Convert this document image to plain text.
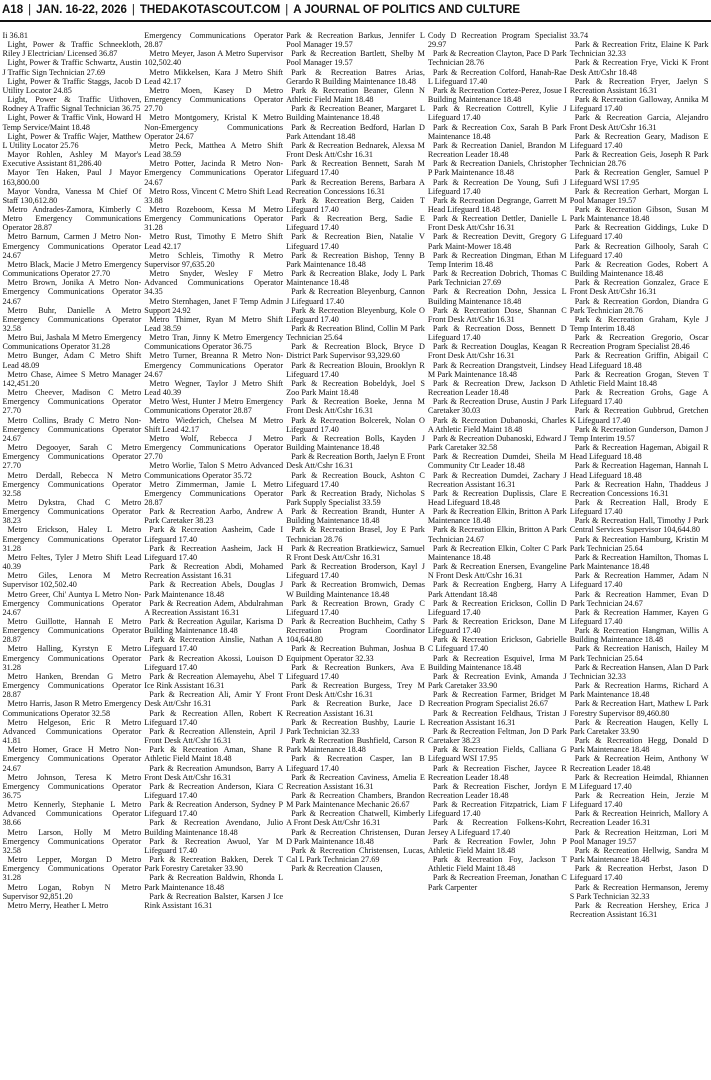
A18 | JAN. 16-22, 2026 | THEDAKOTASCOUT.COM | A JOURNAL OF POLITICS AND CULTURE

Ii 36.81

Light, Power & Traffic Schneekloth, Riley J Electrician/ Licensed 36.87

Light, Power & Traffic Schwartz, Austin J Traffic Sign Technician 27.69

Light, Power & Traffic Staggs, Jacob D Utility Locator 24.85

Light, Power & Traffic Uithoven, Rodney A Traffic Signal Technician 36.75

Light, Power & Traffic Vink, Howard H Temp Service/Maint 18.48

Light, Power & Traffic Wajer, Matthew L Utility Locator 25.76

Mayor Rohlen, Ashley M Mayor's Executive Assistant 81,286.40

Mayor Ten Haken, Paul J Mayor 163,800.00

Mayor Vondra, Vanessa M Chief Of Staff 130,612.80

Metro Andrades-Zamora, Kimberly C Metro Emergency Communications Operator 28.87

Metro Barnum, Carmen J Metro Non-Emergency Communications Operator 24.67

Metro Black, Macie J Metro Emergency Communications Operator 27.70

Metro Brown, Jonika A Metro Non-Emergency Communications Operator 24.67

Metro Buhr, Danielle A Metro Emergency Communications Operator 32.58

Metro Bui, Jashala M Metro Emergency Communications Operator 31.28

Metro Bunger, Adam C Metro Shift Lead 48.09

Metro Chase, Aimee S Metro Manager 142,451.20

Metro Cheever, Madison C Metro Emergency Communications Operator 27.70

Metro Collins, Brady C Metro Non-Emergency Communications Operator 24.67

Metro Degooyer, Sarah C Metro Emergency Communications Operator 27.70

Metro Derdall, Rebecca N Metro Emergency Communications Operator 32.58

Metro Dykstra, Chad C Metro Emergency Communications Operator 38.23

Metro Erickson, Haley L Metro Emergency Communications Operator 31.28

Metro Feltes, Tyler J Metro Shift Lead 40.39

Metro Giles, Lenora M Metro Supervisor 102,502.40

Metro Greer, Chi' Auntya L Metro Non-Emergency Communications Operator 24.67

Metro Guillotte, Hannah E Metro Emergency Communications Operator 28.87

Metro Halling, Kyrstyn E Metro Emergency Communications Operator 31.28

Metro Hanken, Brendan G Metro Emergency Communications Operator 28.87

Metro Harris, Jason R Metro Emergency Communications Operator 32.58

Metro Helgeson, Eric R Metro Advanced Communications Operator 41.81

Metro Homer, Grace H Metro Non-Emergency Communications Operator 24.67

Metro Johnson, Teresa K Metro Emergency Communications Operator 36.75

Metro Kennerly, Stephanie L Metro Advanced Communications Operator 38.66

Metro Larson, Holly M Metro Emergency Communications Operator 32.58

Metro Lepper, Morgan D Metro Emergency Communications Operator 31.28

Metro Logan, Robyn N Metro Supervisor 92,851.20

Metro Merry, Heather L Metro

Emergency Communications Operator 28.87

Metro Meyer, Jason A Metro Supervisor 102,502.40

Metro Mikkelsen, Kara J Metro Shift Lead 42.17

Metro Moen, Kasey D Metro Emergency Communications Operator 27.70

Metro Montgomery, Kristal K Metro Non-Emergency Communications Operator 24.67

Metro Peck, Matthea A Metro Shift Lead 38.59

Metro Potter, Jacinda R Metro Non-Emergency Communications Operator 24.67

Metro Ross, Vincent C Metro Shift Lead 33.88

Metro Rozeboom, Kessa M Metro Emergency Communications Operator 31.28

Metro Rust, Timothy E Metro Shift Lead 42.17

Metro Schleis, Timothy R Metro Supervisor 97,635.20

Metro Snyder, Wesley F Metro Advanced Communications Operator 34.35

Metro Sternhagen, Janet F Temp Admin Support 24.92

Metro Thimer, Ryan M Metro Shift Lead 38.59

Metro Tran, Jinny K Metro Emergency Communications Operator 36.75

Metro Turner, Breanna R Metro Non-Emergency Communications Operator 24.67

Metro Wegner, Taylor J Metro Shift Lead 40.39

Metro West, Hunter J Metro Emergency Communications Operator 28.87

Metro Wiederich, Chelsea M Metro Shift Lead 42.17

Metro Wolf, Rebecca J Metro Emergency Communications Operator 27.70

Metro Worlie, Talon S Metro Advanced Communications Operator 35.72

Metro Zimmerman, Jamie L Metro Emergency Communications Operator 28.87

Park & Recreation Aarbo, Andrew A Park Caretaker 38.23

Park & Recreation Aasheim, Cade I Lifeguard 17.40

Park & Recreation Aasheim, Jack H Lifeguard 17.40

Park & Recreation Abdi, Mohamed Recreation Assistant 16.31

Park & Recreation Abels, Douglas J Park Maintenance 18.48

Park & Recreation Adem, Abdulrahman A Recreation Assistant 16.31

Park & Recreation Aguilar, Karisma D Building Maintenance 18.48

Park & Recreation Ainslie, Nathan A Lifeguard 17.40

Park & Recreation Akossi, Louison D Lifeguard 17.40

Park & Recreation Alemayehu, Abel T Ice Rink Assistant 16.31

Park & Recreation Ali, Amir Y Front Desk Att/Cshr 16.31

Park & Recreation Allen, Robert K Lifeguard 17.40

Park & Recreation Allenstein, April J Front Desk Att/Cshr 16.31

Park & Recreation Aman, Shane R Athletic Field Maint 18.48

Park & Recreation Amundson, Barry A Front Desk Att/Cshr 16.31

Park & Recreation Anderson, Kiara C Lifeguard 17.40

Park & Recreation Anderson, Sydney P Lifeguard 17.40

Park & Recreation Avendano, Julio Building Maintenance 18.48

Park & Recreation Awuol, Yar M Lifeguard 17.40

Park & Recreation Bakken, Derek T Park Forestry Caretaker 33.90

Park & Recreation Baldwin, Rhonda L Park Maintenance 18.48

Park & Recreation Balster, Karsen J Ice Rink Assistant 16.31

Park & Recreation Barkus, Jennifer L Pool Manager 19.57

Park & Recreation Bartlett, Shelby M Pool Manager 19.57

Park & Recreation Batres Arias, Gerardo R Building Maintenance 18.48

Park & Recreation Beaner, Glenn N Athletic Field Maint 18.48

Park & Recreation Beaner, Margaret L Building Maintenance 18.48

Park & Recreation Bedford, Harlan D Park Attendant 18.48

Park & Recreation Bednarek, Alexsa M Front Desk Att/Cshr 16.31

Park & Recreation Bennett, Sarah M Lifeguard 17.40

Park & Recreation Berens, Barbara A Recreation Concessions 16.31

Park & Recreation Berg, Caiden T Lifeguard 17.40

Park & Recreation Berg, Sadie E Lifeguard 17.40

Park & Recreation Bien, Natalie V Lifeguard 17.40

Park & Recreation Bishop, Tenny B Park Maintenance 18.48

Park & Recreation Blake, Jody L Park Maintenance 18.48

Park & Recreation Bleyenburg, Cannon J Lifeguard 17.40

Park & Recreation Bleyenburg, Kole O Lifeguard 17.40

Park & Recreation Blind, Collin M Park Technician 25.64

Park & Recreation Block, Bryce D District Park Supervisor 93,329.60

Park & Recreation Blouin, Brooklyn R Lifeguard 17.40

Park & Recreation Bobeldyk, Joel S Zoo Park Maint 18.48

Park & Recreation Boeke, Jenna M Front Desk Att/Cshr 16.31

Park & Recreation Bolcerek, Nolan O Lifeguard 17.40

Park & Recreation Bolls, Kayden J Building Maintenance 18.48

Park & Recreation Borth, Jaelyn E Front Desk Att/Cshr 16.31

Park & Recreation Bouck, Ashton C Lifeguard 17.40

Park & Recreation Brady, Nicholas S Park Supply Specialist 33.59

Park & Recreation Brandt, Hunter A Building Maintenance 18.48

Park & Recreation Brasel, Joy E Park Technician 28.76

Park & Recreation Bratkiewicz, Samuel R Front Desk Att/Cshr 16.31

Park & Recreation Broderson, Kayl J Lifeguard 17.40

Park & Recreation Bromwich, Demas W Building Maintenance 18.48

Park & Recreation Brown, Grady C Lifeguard 17.40

Park & Recreation Buchheim, Cathy S Recreation Program Coordinator 104,644.80

Park & Recreation Buhman, Joshua B Equipment Operator 32.33

Park & Recreation Bunkers, Ava E Lifeguard 17.40

Park & Recreation Burgess, Trey M Front Desk Att/Cshr 16.31

Park & Recreation Burke, Jace D Recreation Assistant 16.31

Park & Recreation Bushby, Laurie L Park Technician 32.33

Park & Recreation Bushfield, Carson R Park Maintenance 18.48

Park & Recreation Casper, Ian B Lifeguard 17.40

Park & Recreation Caviness, Amelia E Recreation Assistant 16.31

Park & Recreation Chambers, Brandon M Park Maintenance Mechanic 26.67

Park & Recreation Chatwell, Kimberly A Front Desk Att/Cshr 16.31

Park & Recreation Christensen, Duran D Park Maintenance 18.48

Park & Recreation Christensen, Lucas, Cal L Park Technician 27.69

Park & Recreation Clausen,

Cody D Recreation Program Specialist 29.97

Park & Recreation Clayton, Pace D Park Technician 28.76

Park & Recreation Colford, Hanah-Rae L Lifeguard 17.40

Park & Recreation Cortez-Perez, Josue I Building Maintenance 18.48

Park & Recreation Cottrell, Kylie J Lifeguard 17.40

Park & Recreation Cox, Sarah B Park Maintenance 18.48

Park & Recreation Daniel, Brandon M Recreation Leader 18.48

Park & Recreation Daniels, Christopher P Park Maintenance 18.48

Park & Recreation De Young, Sufi J Lifeguard 17.40

Park & Recreation Degrange, Garrett M Head Lifeguard 18.48

Park & Recreation Dettler, Danielle L Front Desk Att/Cshr 16.31

Park & Recreation Devitt, Gregory G Park Maint-Mower 18.48

Park & Recreation Dingman, Ethan M Temp Interim 18.48

Park & Recreation Dobrich, Thomas C Park Technician 27.69

Park & Recreation Dohn, Jessica L Building Maintenance 18.48

Park & Recreation Dose, Shannan C Front Desk Att/Cshr 16.31

Park & Recreation Doss, Bennett D Lifeguard 17.40

Park & Recreation Douglas, Keagan R Front Desk Att/Cshr 16.31

Park & Recreation Drangstveit, Lindsey M Park Maintenance 18.48

Park & Recreation Drew, Jackson D Recreation Leader 18.48

Park & Recreation Druse, Austin J Park Caretaker 30.03

Park & Recreation Dubanoski, Charles A Athletic Field Maint 18.48

Park & Recreation Dubanoski, Edward J Park Caretaker 32.58

Park & Recreation Dumdei, Sheila M Community Ctr Leader 18.48

Park & Recreation Dumdei, Zachary J Recreation Assistant 16.31

Park & Recreation Duplissis, Clare E Head Lifeguard 18.48

Park & Recreation Elkin, Britton A Park Maintenance 18.48

Park & Recreation Elkin, Britton A Park Technician 24.67

Park & Recreation Elkin, Colter C Park Maintenance 18.48

Park & Recreation Enersen, Evangeline N Front Desk Att/Cshr 16.31

Park & Recreation Engberg, Harry A Park Attendant 18.48

Park & Recreation Erickson, Collin D Lifeguard 17.40

Park & Recreation Erickson, Dane M Lifeguard 17.40

Park & Recreation Erickson, Gabrielle C Lifeguard 17.40

Park & Recreation Esquivel, Irma M Building Maintenance 18.48

Park & Recreation Evink, Amanda J Park Caretaker 33.90

Park & Recreation Farmer, Bridget M Recreation Program Specialist 26.67

Park & Recreation Feldhaus, Tristan J Recreation Assistant 16.31

Park & Recreation Feltman, Jon D Park Caretaker 38.23

Park & Recreation Fields, Calliana G Lifeguard WSI 17.95

Park & Recreation Fischer, Jaycee R Recreation Leader 18.48

Park & Recreation Fischer, Jordyn E Recreation Leader 18.48

Park & Recreation Fitzpatrick, Liam F Lifeguard 17.40

Park & Recreation Folkens-Kohrt, Jersey A Lifeguard 17.40

Park & Recreation Fowler, John P Athletic Field Maint 18.48

Park & Recreation Foy, Jackson T Athletic Field Maint 18.48

Park & Recreation Freeman, Jonathan C Park Carpenter

33.74

Park & Recreation Fritz, Elaine K Park Technician 32.33

Park & Recreation Frye, Vicki K Front Desk Att/Cshr 18.48

Park & Recreation Fryer, Jaelyn S Recreation Assistant 16.31

Park & Recreation Galloway, Annika M Lifeguard 17.40

Park & Recreation Garcia, Alejandro Front Desk Att/Cshr 16.31

Park & Recreation Geary, Madison E Lifeguard 17.40

Park & Recreation Geis, Joseph R Park Technician 28.76

Park & Recreation Gengler, Samuel P Lifeguard WSI 17.95

Park & Recreation Gerhart, Morgan L Pool Manager 19.57

Park & Recreation Gibson, Susan M Park Maintenance 18.48

Park & Recreation Giddings, Luke D Lifeguard 17.40

Park & Recreation Gilhooly, Sarah C Lifeguard 17.40

Park & Recreation Godes, Robert A Building Maintenance 18.48

Park & Recreation Gonzalez, Grace E Front Desk Att/Cshr 16.31

Park & Recreation Gordon, Diandra G Park Technician 28.76

Park & Recreation Graham, Kyle J Temp Interim 18.48

Park & Recreation Gregorio, Oscar Recreation Program Specialist 28.46

Park & Recreation Griffin, Abigail C Head Lifeguard 18.48

Park & Recreation Grogan, Steven T Athletic Field Maint 18.48

Park & Recreation Grohs, Gage A Lifeguard 17.40

Park & Recreation Gubbrud, Gretchen K Lifeguard 17.40

Park & Recreation Gunderson, Damon J Temp Interim 19.57

Park & Recreation Hageman, Abigail R Head Lifeguard 18.48

Park & Recreation Hageman, Hannah L Head Lifeguard 18.48

Park & Recreation Hahn, Thaddeus J Recreation Concessions 16.31

Park & Recreation Hall, Brody E Lifeguard 17.40

Park & Recreation Hall, Timothy J Park Central Services Supervisor 104,644.80

Park & Recreation Hamburg, Kristin M Park Technician 25.64

Park & Recreation Hamilton, Thomas L Park Maintenance 18.48

Park & Recreation Hammer, Adam N Lifeguard 17.40

Park & Recreation Hammer, Evan D Park Technician 24.67

Park & Recreation Hammer, Kayen G Lifeguard 17.40

Park & Recreation Hangman, Willis A Building Maintenance 18.48

Park & Recreation Hanisch, Hailey M Park Technician 25.64

Park & Recreation Hansen, Alan D Park Technician 32.33

Park & Recreation Harms, Richard A Park Maintenance 18.48

Park & Recreation Hart, Mathew L Park Forestry Supervisor 89,460.80

Park & Recreation Haugen, Kelly L Park Caretaker 33.90

Park & Recreation Hegg, Donald D Park Maintenance 18.48

Park & Recreation Heim, Anthony W Recreation Leader 18.48

Park & Recreation Heimdal, Rhiannen M Lifeguard 17.40

Park & Recreation Hein, Jerzie M Lifeguard 17.40

Park & Recreation Heinrich, Mallory A Recreation Leader 16.31

Park & Recreation Heitzman, Lori M Pool Manager 19.57

Park & Recreation Hellwig, Sandra M Park Maintenance 18.48

Park & Recreation Herbst, Jason D Lifeguard 17.40

Park & Recreation Hermanson, Jeremy S Park Technician 32.33

Park & Recreation Hershey, Erica J Recreation Assistant 16.31
